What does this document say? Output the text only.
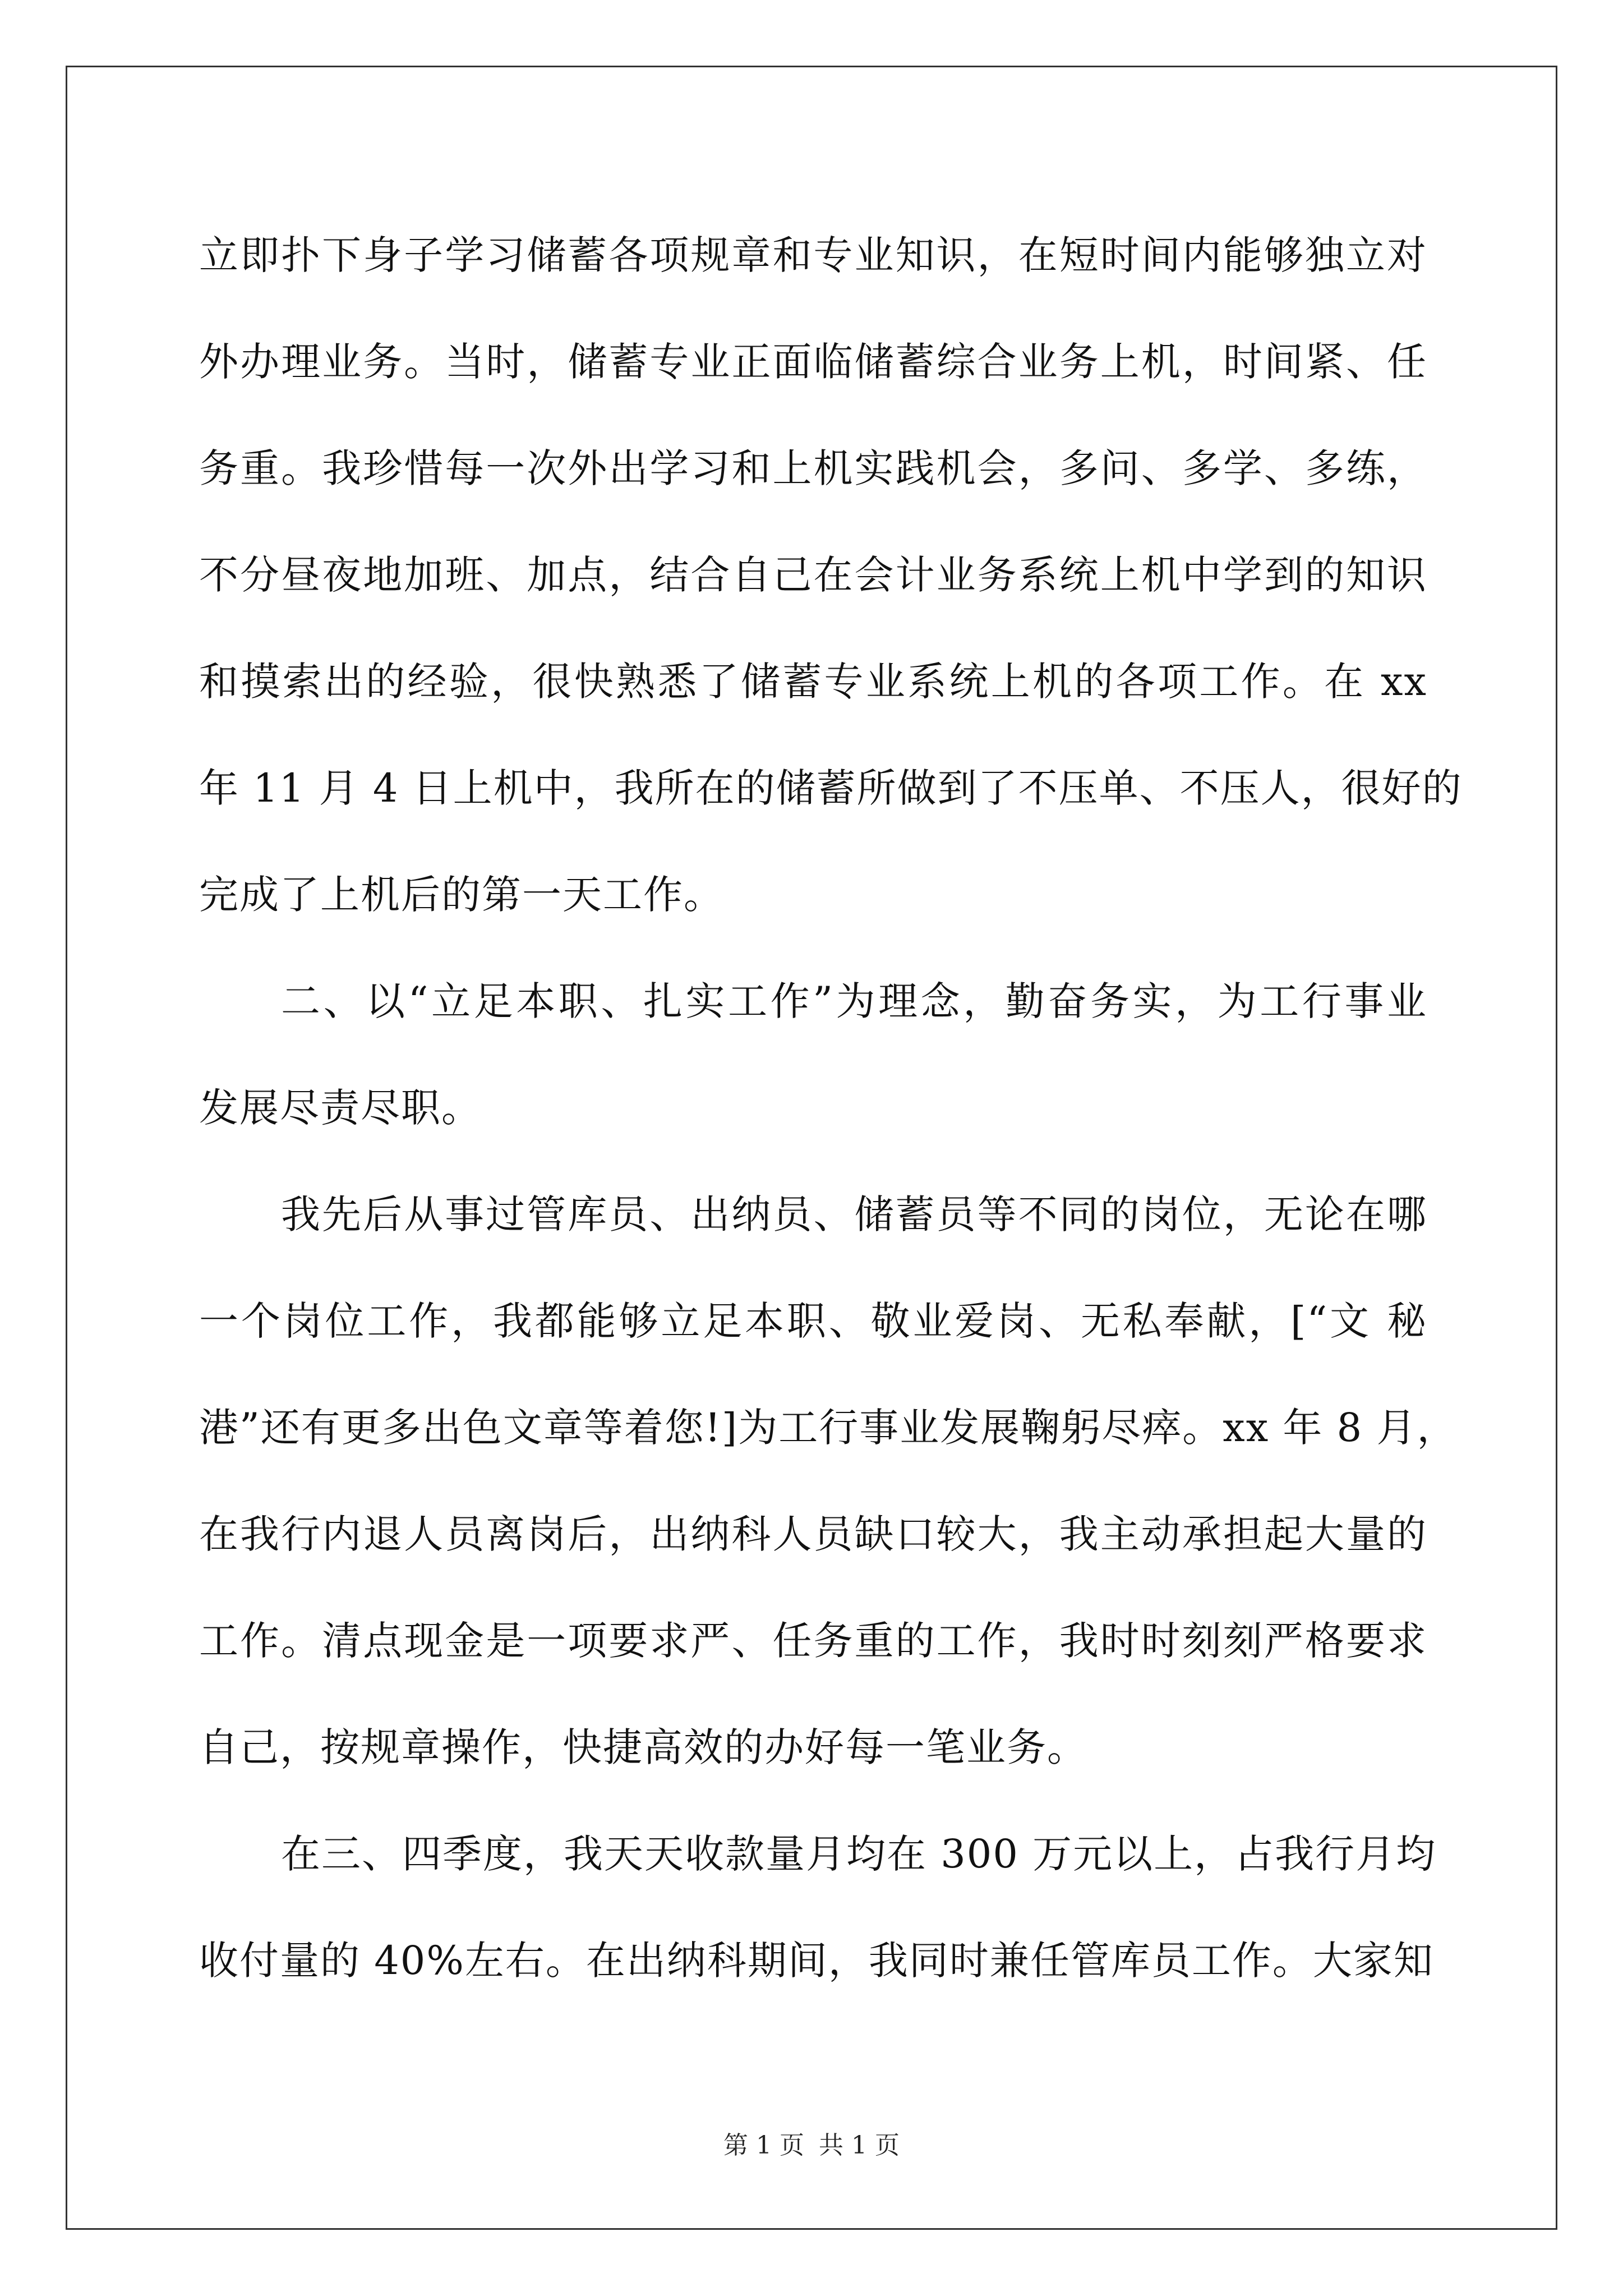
立即扑下身子学习储蓄各项规章和专业知识，在短时间内能够独立对
外办理业务。当时，储蓄专业正面临储蓄综合业务上机，时间紧、任
务重。我珍惜每一次外出学习和上机实践机会，多问、多学、多练，
不分昼夜地加班、加点，结合自己在会计业务系统上机中学到的知识
和摸索出的经验，很快熟悉了储蓄专业系统上机的各项工作。在 xx
年 11 月 4 日上机中，我所在的储蓄所做到了不压单、不压人，很好的
完成了上机后的第一天工作。
二、以“立足本职、扎实工作”为理念，勤奋务实，为工行事业
发展尽责尽职。
我先后从事过管库员、出纳员、储蓄员等不同的岗位，无论在哪
一个岗位工作，我都能够立足本职、敬业爱岗、无私奉献，[“文 秘
港”还有更多出色文章等着您!]为工行事业发展鞠躬尽瘁。xx 年 8 月，
在我行内退人员离岗后，出纳科人员缺口较大，我主动承担起大量的
工作。清点现金是一项要求严、任务重的工作，我时时刻刻严格要求
自己，按规章操作，快捷高效的办好每一笔业务。
在三、四季度，我天天收款量月均在 300 万元以上，占我行月均
收付量的 40%左右。在出纳科期间，我同时兼任管库员工作。大家知
第 1 页 共 1 页
